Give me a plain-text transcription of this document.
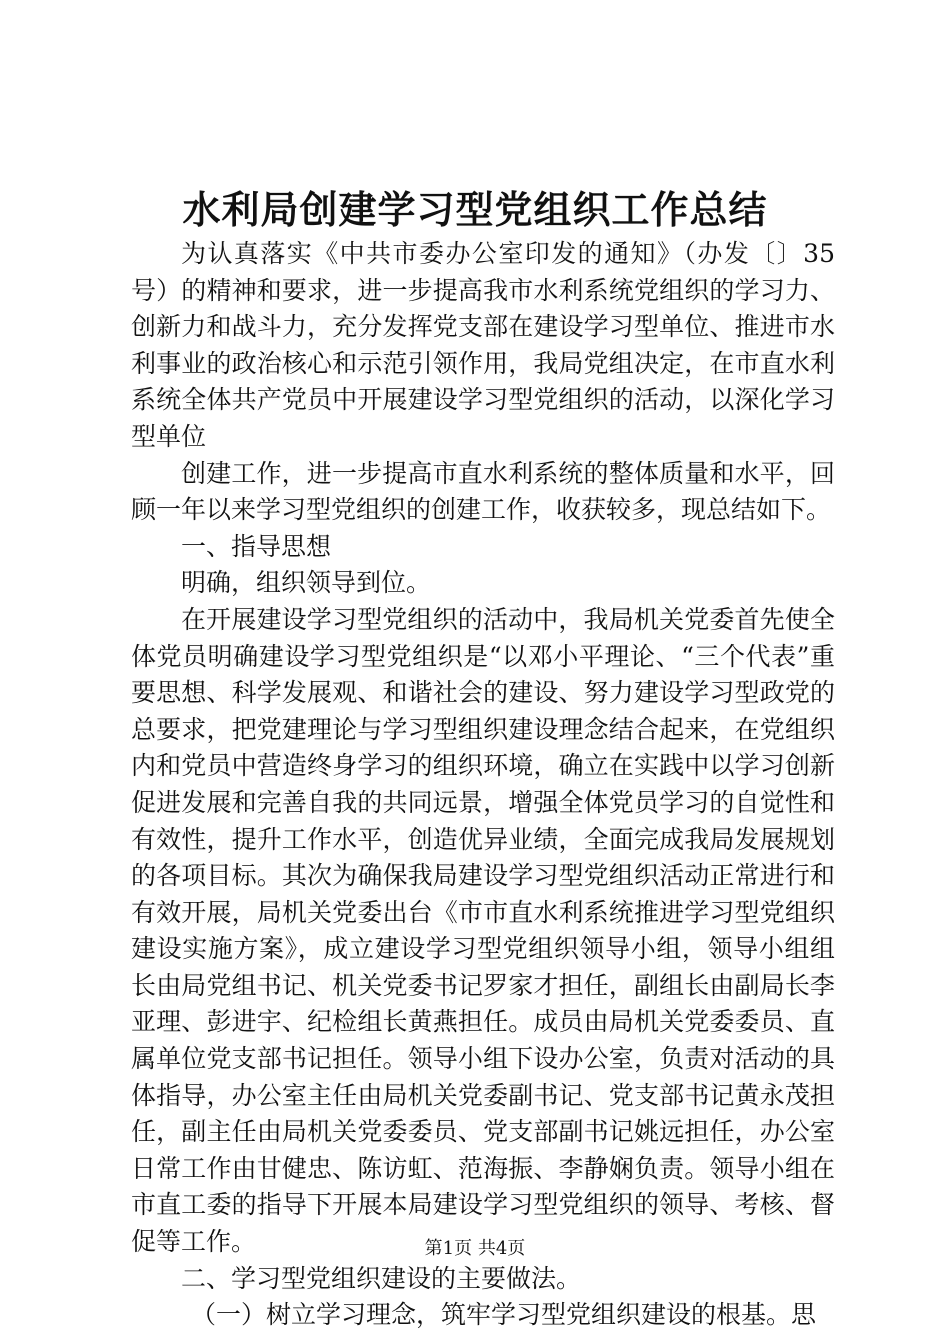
水利局创建学习型党组织工作总结

为认真落实《中共市委办公室印发的通知》（办发〔〕35号）的精神和要求，进一步提高我市水利系统党组织的学习力、创新力和战斗力，充分发挥党支部在建设学习型单位、推进市水利事业的政治核心和示范引领作用，我局党组决定，在市直水利系统全体共产党员中开展建设学习型党组织的活动，以深化学习型单位

创建工作，进一步提高市直水利系统的整体质量和水平，回顾一年以来学习型党组织的创建工作，收获较多，现总结如下。

一、指导思想

明确，组织领导到位。

在开展建设学习型党组织的活动中，我局机关党委首先使全体党员明确建设学习型党组织是“以邓小平理论、“三个代表”重要思想、科学发展观、和谐社会的建设、努力建设学习型政党的总要求，把党建理论与学习型组织建设理念结合起来，在党组织内和党员中营造终身学习的组织环境，确立在实践中以学习创新促进发展和完善自我的共同远景，增强全体党员学习的自觉性和有效性，提升工作水平，创造优异业绩，全面完成我局发展规划的各项目标。其次为确保我局建设学习型党组织活动正常进行和有效开展，局机关党委出台《市市直水利系统推进学习型党组织建设实施方案》，成立建设学习型党组织领导小组，领导小组组长由局党组书记、机关党委书记罗家才担任，副组长由副局长李亚理、彭进宇、纪检组长黄燕担任。成员由局机关党委委员、直属单位党支部书记担任。领导小组下设办公室，负责对活动的具体指导，办公室主任由局机关党委副书记、党支部书记黄永茂担任，副主任由局机关党委委员、党支部副书记姚远担任，办公室日常工作由甘健忠、陈访虹、范海振、李静娴负责。领导小组在市直工委的指导下开展本局建设学习型党组织的领导、考核、督促等工作。

二、学习型党组织建设的主要做法。

（一）树立学习理念，筑牢学习型党组织建设的根基。思

第1页 共4页
